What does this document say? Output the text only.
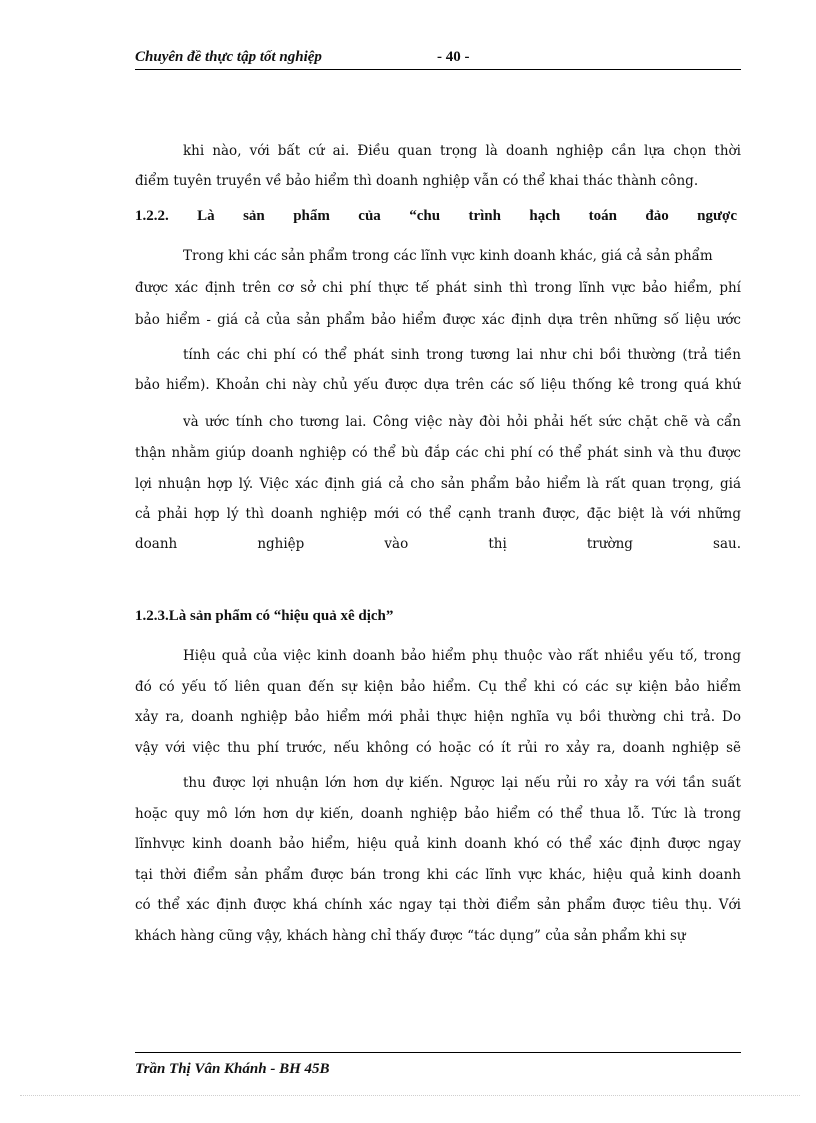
Chuyên đề thực tập tốt nghiệp	- 40 -
khi nào, với bất cứ ai. Điều quan trọng là doanh nghiệp cần lựa chọn thời
điểm tuyên truyền về bảo hiểm thì doanh nghiệp vẫn có thể khai thác thành công.
1.2.2. Là sản phẩm của “chu trình hạch toán đảo ngược
Trong khi các sản phẩm trong các lĩnh vực kinh doanh khác, giá cả sản phẩm
được xác định trên cơ sở chi phí thực tế phát sinh thì trong lĩnh vực bảo hiểm, phí
bảo hiểm - giá cả của sản phẩm bảo hiểm được xác định dựa trên những số liệu ước
tính các chi phí có thể phát sinh trong tương lai như chi bồi thường (trả tiền
bảo hiểm). Khoản chi này chủ yếu được dựa trên các số liệu thống kê trong quá khứ
và ước tính cho tương lai. Công việc này đòi hỏi phải hết sức chặt chẽ và cẩn
thận nhằm giúp doanh nghiệp có thể bù đắp các chi phí có thể phát sinh và thu được
lợi nhuận hợp lý. Việc xác định giá cả cho sản phẩm bảo hiểm là rất quan trọng, giá
cả phải hợp lý thì doanh nghiệp mới có thể cạnh tranh được, đặc biệt là với những
doanh nghiệp vào thị trường sau.
1.2.3.Là sản phẩm có “hiệu quả xê dịch”
Hiệu quả của việc kinh doanh bảo hiểm phụ thuộc vào rất nhiều yếu tố, trong
đó có yếu tố liên quan đến sự kiện bảo hiểm. Cụ thể khi có các sự kiện bảo hiểm
xảy ra, doanh nghiệp bảo hiểm mới phải thực hiện nghĩa vụ bồi thường chi trả. Do
vậy với việc thu phí trước, nếu không có hoặc có ít rủi ro xảy ra, doanh nghiệp sẽ
thu được lợi nhuận lớn hơn dự kiến. Ngược lại nếu rủi ro xảy ra với tần suất
hoặc quy mô lớn hơn dự kiến, doanh nghiệp bảo hiểm có thể thua lỗ. Tức là trong
lĩnhvực kinh doanh bảo hiểm, hiệu quả kinh doanh khó có thể xác định được ngay
tại thời điểm sản phẩm được bán trong khi các lĩnh vực khác, hiệu quả kinh doanh
có thể xác định được khá chính xác ngay tại thời điểm sản phẩm được tiêu thụ. Với
khách hàng cũng vậy, khách hàng chỉ thấy được “tác dụng” của sản phẩm khi sự
Trần Thị Vân Khánh - BH 45B
